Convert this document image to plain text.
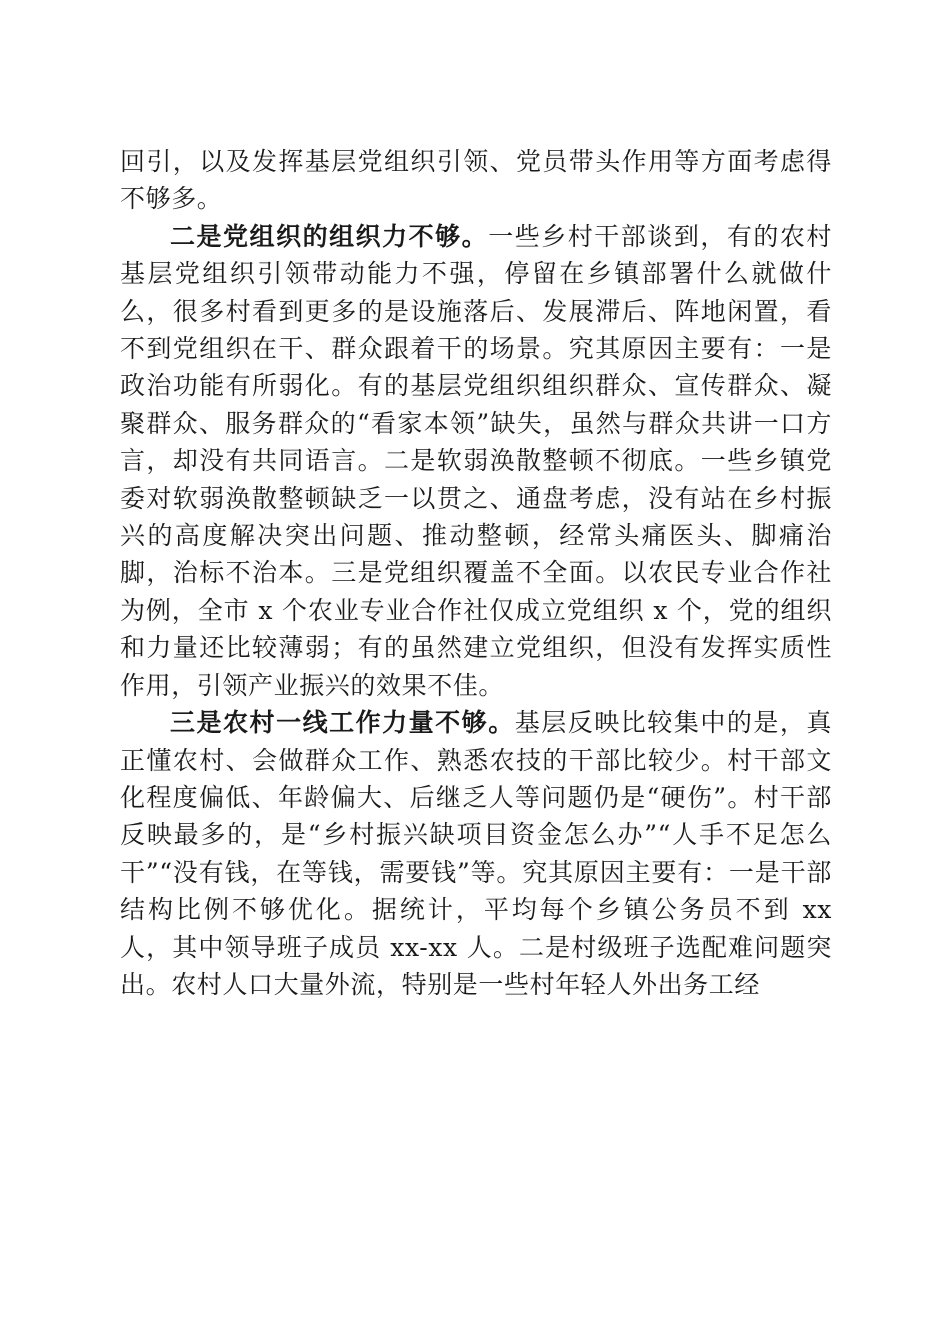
回引，以及发挥基层党组织引领、党员带头作用等方面考虑得不够多。

二是党组织的组织力不够。一些乡村干部谈到，有的农村基层党组织引领带动能力不强，停留在乡镇部署什么就做什么，很多村看到更多的是设施落后、发展滞后、阵地闲置，看不到党组织在干、群众跟着干的场景。究其原因主要有：一是政治功能有所弱化。有的基层党组织组织群众、宣传群众、凝聚群众、服务群众的“看家本领”缺失，虽然与群众共讲一口方言，却没有共同语言。二是软弱涣散整顿不彻底。一些乡镇党委对软弱涣散整顿缺乏一以贯之、通盘考虑，没有站在乡村振兴的高度解决突出问题、推动整顿，经常头痛医头、脚痛治脚，治标不治本。三是党组织覆盖不全面。以农民专业合作社为例，全市 x 个农业专业合作社仅成立党组织 x 个，党的组织和力量还比较薄弱；有的虽然建立党组织，但没有发挥实质性作用，引领产业振兴的效果不佳。

三是农村一线工作力量不够。基层反映比较集中的是，真正懂农村、会做群众工作、熟悉农技的干部比较少。村干部文化程度偏低、年龄偏大、后继乏人等问题仍是“硬伤”。村干部反映最多的，是“乡村振兴缺项目资金怎么办”“人手不足怎么干”“没有钱，在等钱，需要钱”等。究其原因主要有：一是干部结构比例不够优化。据统计，平均每个乡镇公务员不到 xx 人，其中领导班子成员 xx-xx 人。二是村级班子选配难问题突出。农村人口大量外流，特别是一些村年轻人外出务工经
